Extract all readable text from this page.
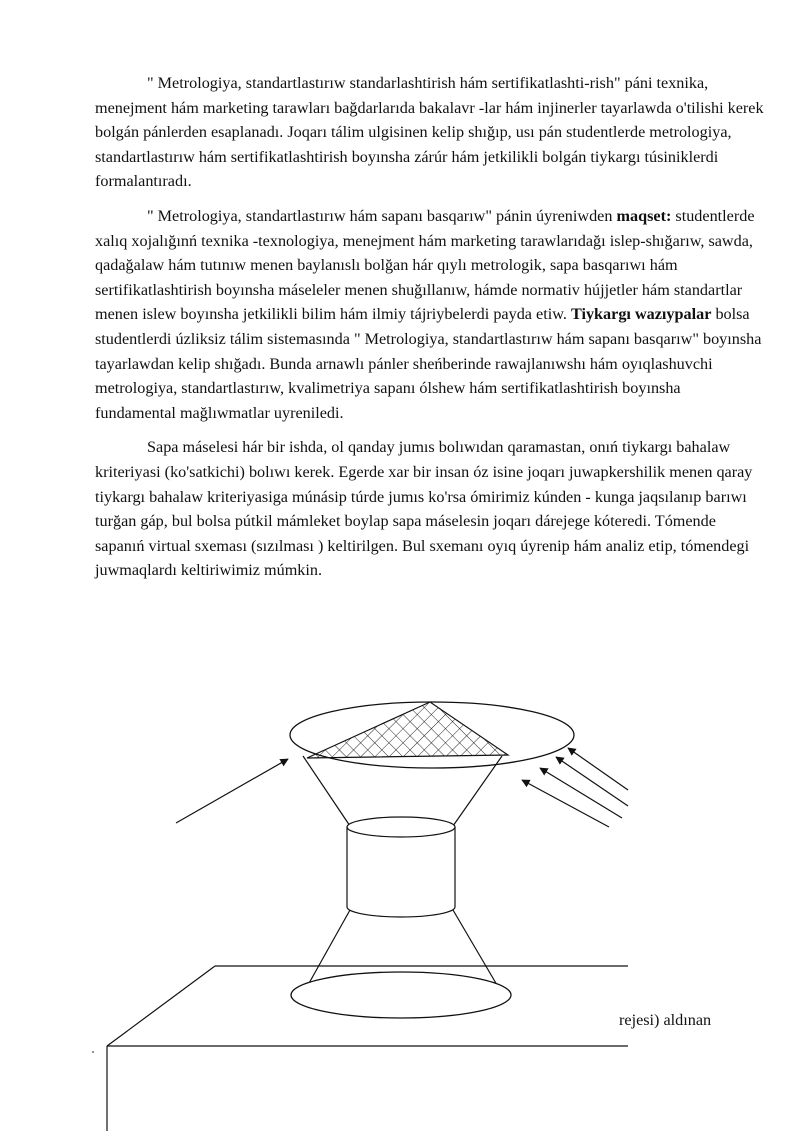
" Metrologiya, standartlastırıw standarlashtirish hám sertifikatlashti-rish" páni texnika, menejment hám marketing tarawları bağdarlarıda bakalavr -lar hám injinerler tayarlawda o'tilishi kerek bolgán pánlerden esaplanadı. Joqarı tálim ulgisinen kelip shığıp, usı pán studentlerde metrologiya, standartlastırıw hám sertifikatlashtirish boyınsha zárúr hám jetkilikli bolgán tiykargı túsiniklerdi formalantıradı.

" Metrologiya, standartlastırıw hám sapanı basqarıw" pánin úyreniwden maqset: studentlerde xalıq xojalığınń texnika -texnologiya, menejment hám marketing tarawlarıdağı islep-shığarıw, sawda, qadağalaw hám tutınıw menen baylanıslı bolğan hár qıylı metrologik, sapa basqarıwı hám sertifikatlashtirish boyınsha máseleler menen shuğıllanıw, hámde normativ hújjetler hám standartlar menen islew boyınsha jetkilikli bilim hám ilmiy tájriybelerdi payda etiw. Tiykargı wazıypalar bolsa studentlerdi úzliksiz tálim sistemasında " Metrologiya, standartlastırıw hám sapanı basqarıw" boyınsha tayarlawdan kelip shığadı. Bunda arnawlı pánler sheńberinde rawajlanıwshı hám oyıqlashuvchi metrologiya, standartlastırıw, kvalimetriya sapanı ólshew hám sertifikatlashtirish boyınsha fundamental mağlıwmatlar uyreniledi.

Sapa máselesi hár bir ishda, ol qanday jumıs bolıwıdan qaramastan, onıń tiykargı bahalaw kriteriyasi (ko'satkichi) bolıwı kerek. Egerde xar bir insan óz isine joqarı juwapkershilik menen qaray tiykargı bahalaw kriteriyasiga múnásip túrde jumıs ko'rsa ómirimiz kúnden - kunga jaqsılanıp barıwı turğan gáp, bul bolsa pútkil mámleket boylap sapa máselesin joqarı dárejege kóteredi. Tómende sapanıń virtual sxeması (sızılması ) keltirilgen. Bul sxemanı oyıq úyrenip hám analiz etip, tómendegi juwmaqlardı keltiriwimiz múmkin.

rejesi) aldınan
